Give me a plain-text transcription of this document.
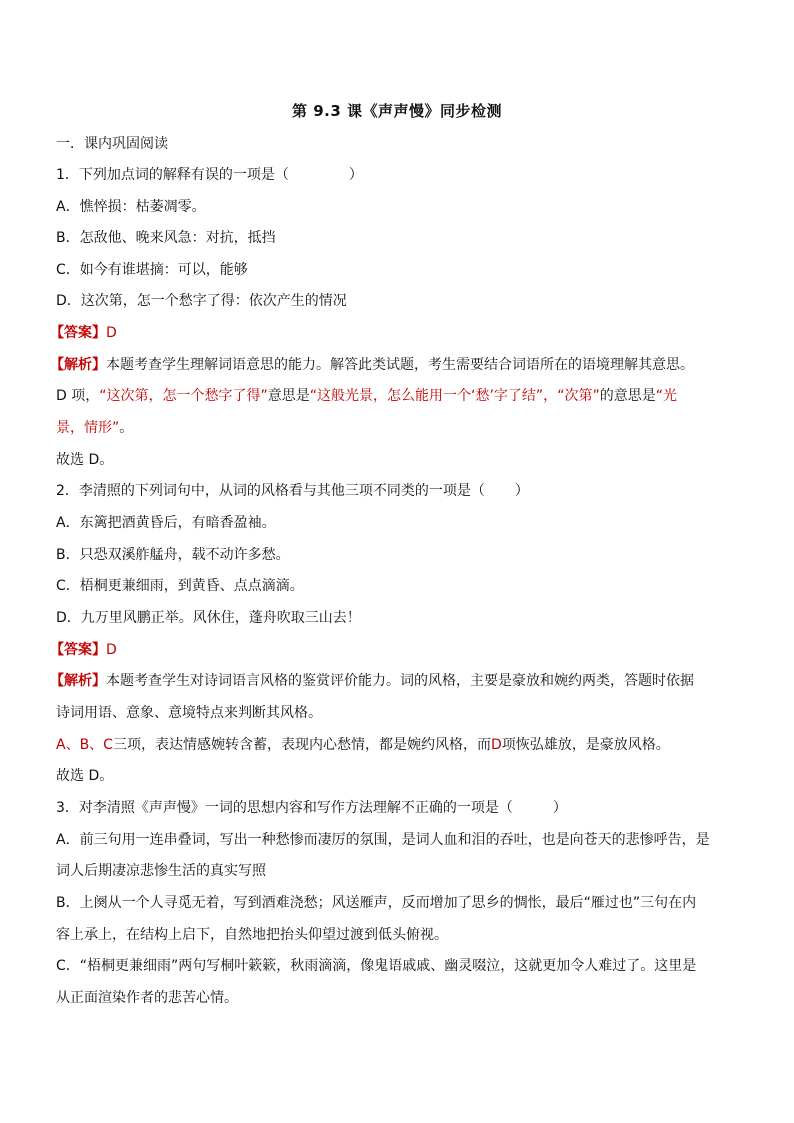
第 9.3 课《声声慢》同步检测
一．课内巩固阅读
1．下列加点词的解释有误的一项是（	）
A．憔悴损：枯萎凋零。
B．怎敌他、晚来风急：对抗，抵挡
C．如今有谁堪摘：可以，能够
D．这次第，怎一个愁字了得：依次产生的情况
【答案】D
【解析】本题考查学生理解词语意思的能力。解答此类试题，考生需要结合词语所在的语境理解其意思。
D 项，“这次第，怎一个愁字了得”意思是“这般光景，怎么能用一个‘愁’字了结”，“次第”的意思是“光
景，情形”。
故选 D。
2．李清照的下列词句中，从词的风格看与其他三项不同类的一项是（ ）
A．东篱把酒黄昏后，有暗香盈袖。
B．只恐双溪舴艋舟，载不动许多愁。
C．梧桐更兼细雨，到黄昏、点点滴滴。
D．九万里风鹏正举。风休住，蓬舟吹取三山去！
【答案】D
【解析】本题考查学生对诗词语言风格的鉴赏评价能力。词的风格，主要是豪放和婉约两类，答题时依据
诗词用语、意象、意境特点来判断其风格。
A、B、C三项，表达情感婉转含蓄，表现内心愁情，都是婉约风格，而D项恢弘雄放，是豪放风格。
故选 D。
3．对李清照《声声慢》一词的思想内容和写作方法理解不正确的一项是（	）
A．前三句用一连串叠词，写出一种愁惨而凄厉的氛围，是词人血和泪的吞吐，也是向苍天的悲惨呼告，是
词人后期凄凉悲惨生活的真实写照
B．上阕从一个人寻觅无着，写到酒难浇愁；风送雁声，反而增加了思乡的惆怅，最后“雁过也”三句在内
容上承上，在结构上启下，自然地把抬头仰望过渡到低头俯视。
C．“梧桐更兼细雨”两句写桐叶簌簌，秋雨滴滴，像鬼语戚戚、幽灵啜泣，这就更加令人难过了。这里是
从正面渲染作者的悲苦心情。
